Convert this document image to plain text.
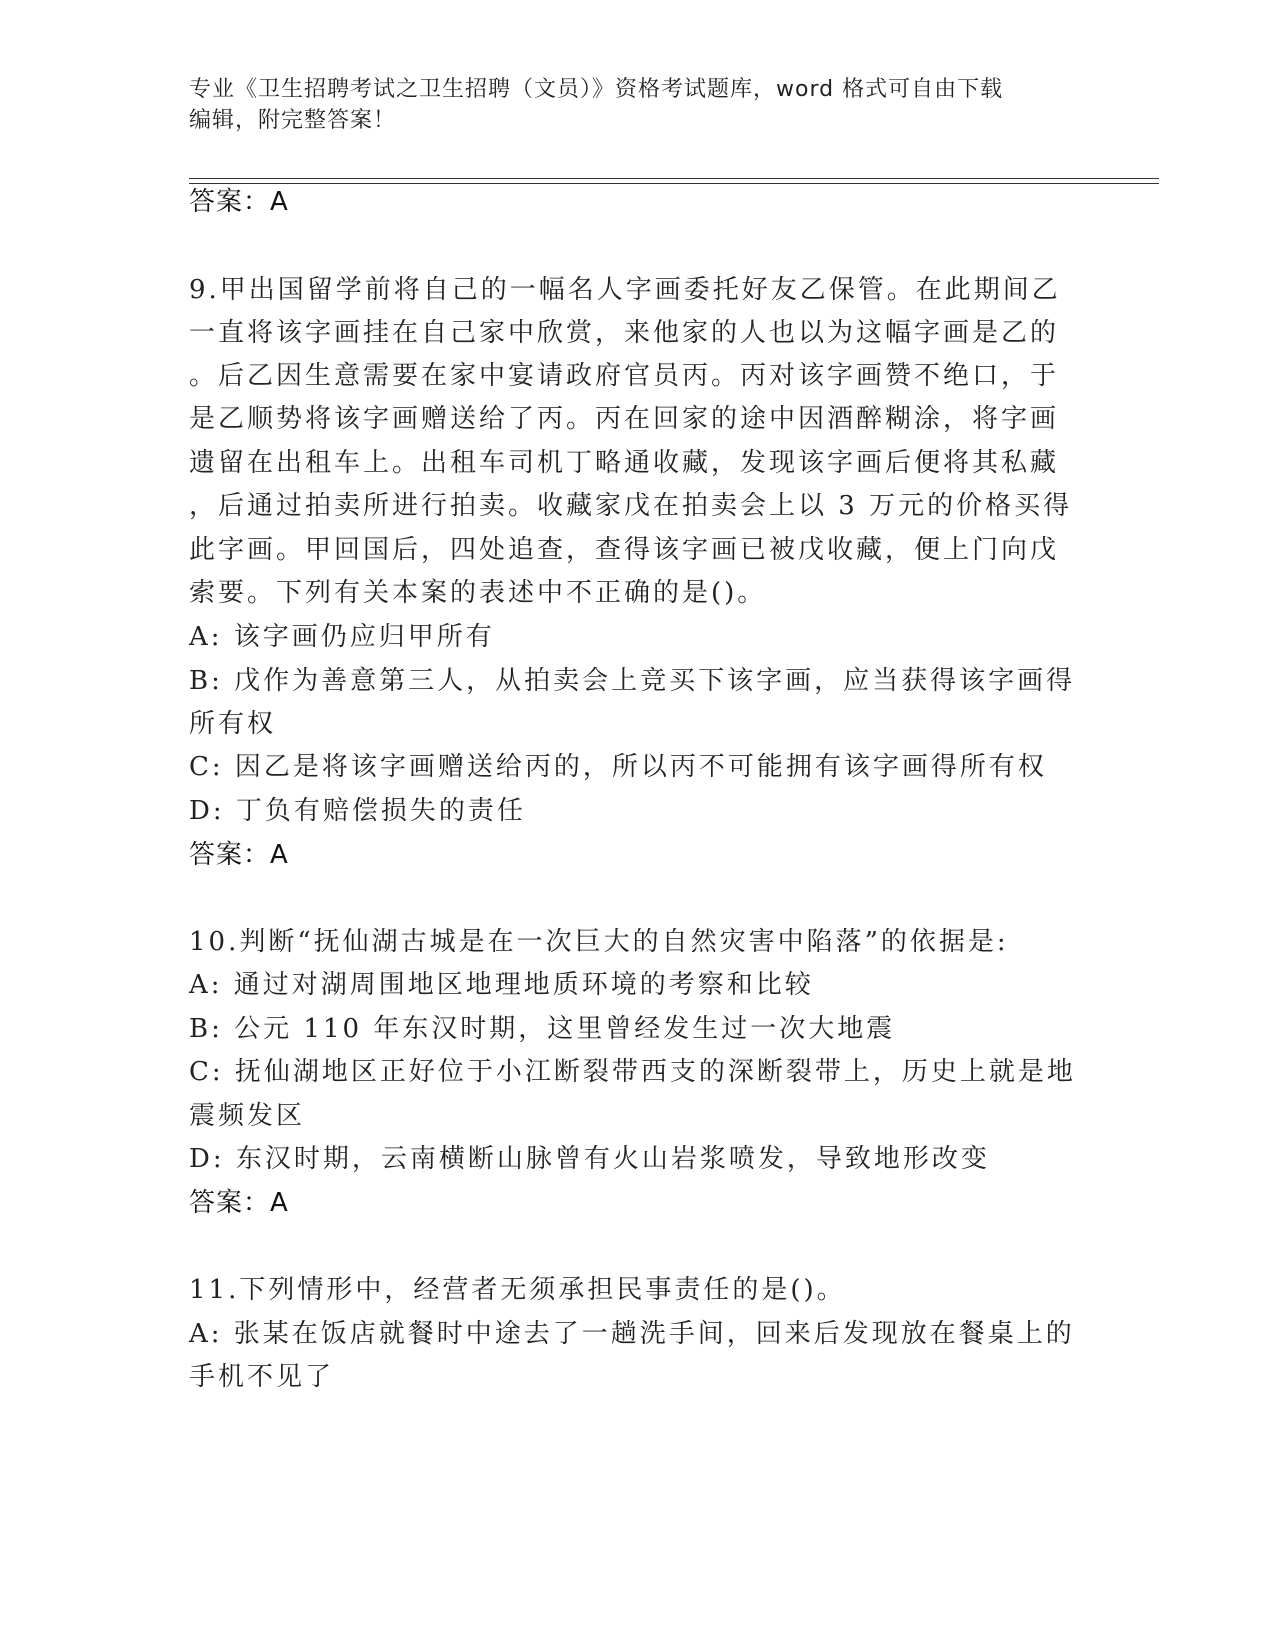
专业《卫生招聘考试之卫生招聘（文员）》资格考试题库，word 格式可自由下载
编辑，附完整答案！
答案：A
9.甲出国留学前将自己的一幅名人字画委托好友乙保管。在此期间乙
一直将该字画挂在自己家中欣赏，来他家的人也以为这幅字画是乙的
。后乙因生意需要在家中宴请政府官员丙。丙对该字画赞不绝口，于
是乙顺势将该字画赠送给了丙。丙在回家的途中因酒醉糊涂，将字画
遗留在出租车上。出租车司机丁略通收藏，发现该字画后便将其私藏
，后通过拍卖所进行拍卖。收藏家戊在拍卖会上以 3 万元的价格买得
此字画。甲回国后，四处追查，查得该字画已被戊收藏，便上门向戊
索要。下列有关本案的表述中不正确的是()。
A: 该字画仍应归甲所有
B: 戊作为善意第三人，从拍卖会上竞买下该字画，应当获得该字画得
所有权
C: 因乙是将该字画赠送给丙的，所以丙不可能拥有该字画得所有权
D: 丁负有赔偿损失的责任
答案：A
10.判断“抚仙湖古城是在一次巨大的自然灾害中陷落”的依据是:
A: 通过对湖周围地区地理地质环境的考察和比较
B: 公元 110 年东汉时期，这里曾经发生过一次大地震
C: 抚仙湖地区正好位于小江断裂带西支的深断裂带上，历史上就是地
震频发区
D: 东汉时期，云南横断山脉曾有火山岩浆喷发，导致地形改变
答案：A
11.下列情形中，经营者无须承担民事责任的是()。
A: 张某在饭店就餐时中途去了一趟洗手间，回来后发现放在餐桌上的
手机不见了
